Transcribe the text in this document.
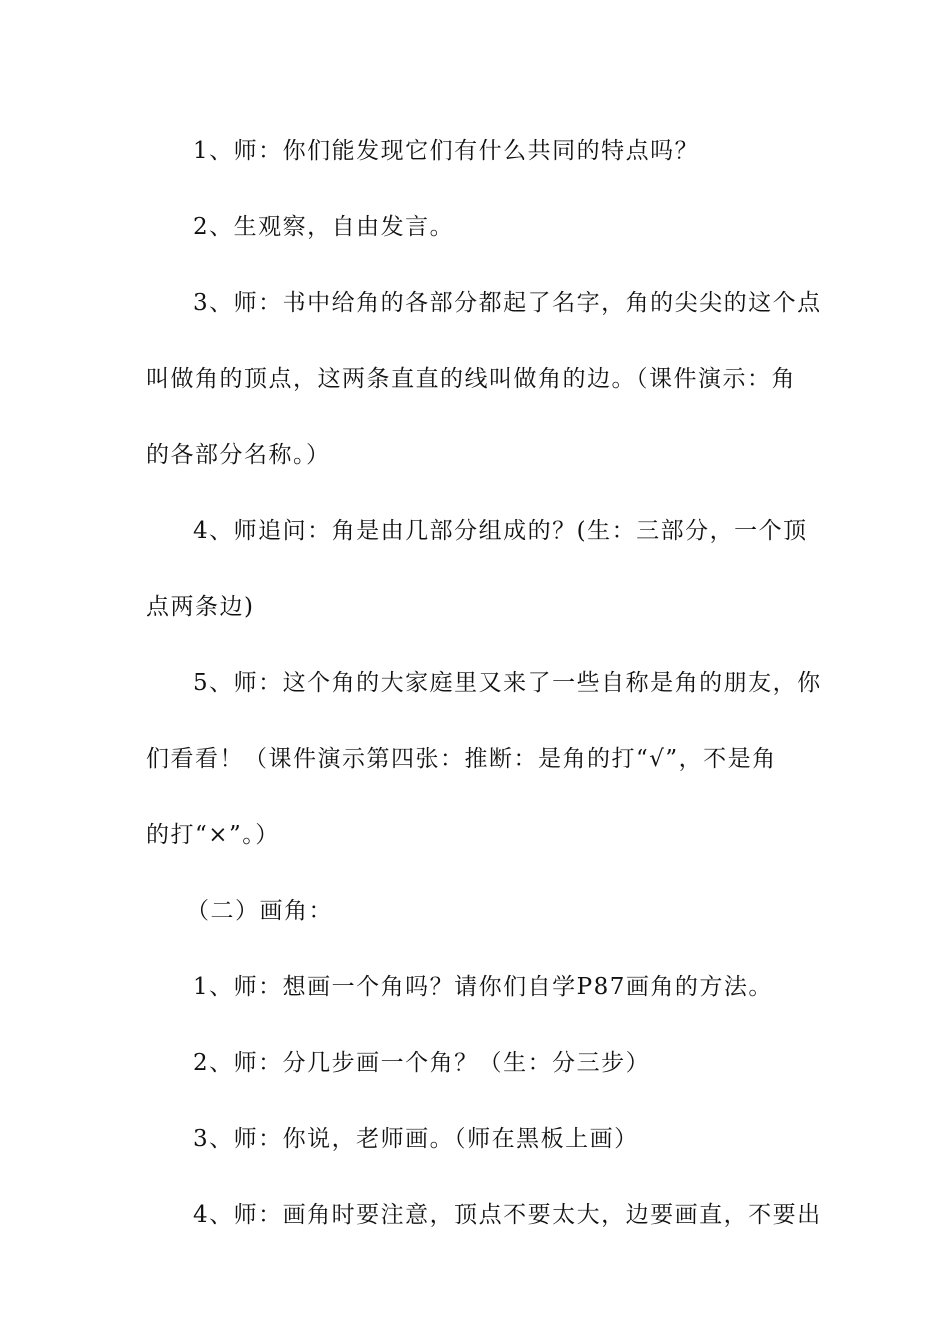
1、师：你们能发现它们有什么共同的特点吗？
2、生观察，自由发言。
3、师：书中给角的各部分都起了名字，角的尖尖的这个点
叫做角的顶点，这两条直直的线叫做角的边。（课件演示：角
的各部分名称。）
4、师追问：角是由几部分组成的？(生：三部分，一个顶
点两条边)
5、师：这个角的大家庭里又来了一些自称是角的朋友，你
们看看！（课件演示第四张：推断：是角的打“√”，不是角
的打“×”。）
（二）画角：
1、师：想画一个角吗？请你们自学P87画角的方法。
2、师：分几步画一个角？（生：分三步）
3、师：你说，老师画。（师在黑板上画）
4、师：画角时要注意，顶点不要太大，边要画直，不要出
